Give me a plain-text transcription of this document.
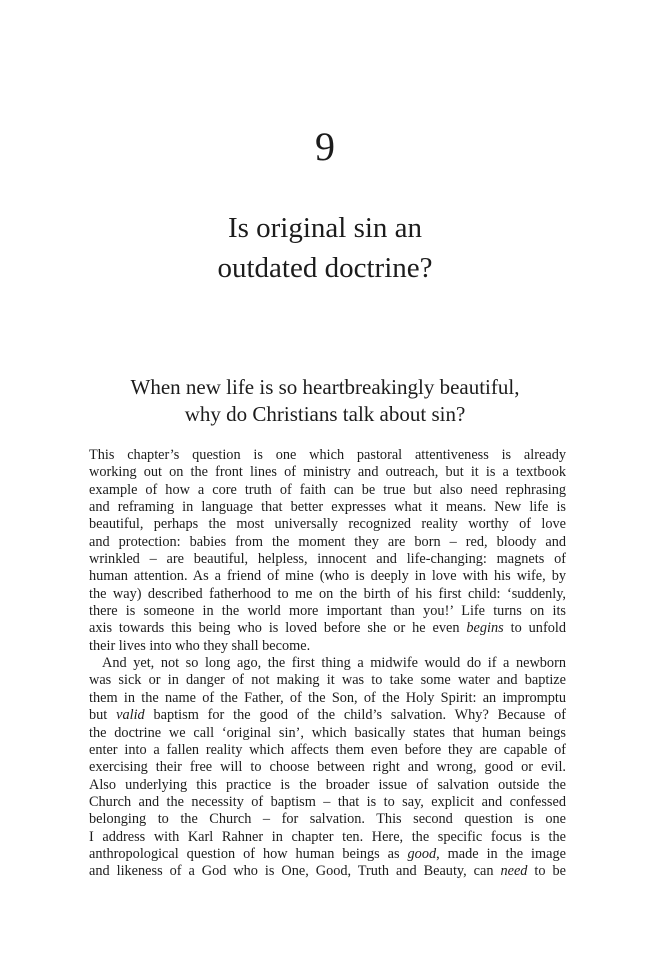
9
Is original sin an
outdated doctrine?
When new life is so heartbreakingly beautiful,
why do Christians talk about sin?
This chapter’s question is one which pastoral attentiveness is already
working out on the front lines of ministry and outreach, but it is a textbook
example of how a core truth of faith can be true but also need rephrasing
and reframing in language that better expresses what it means. New life is
beautiful, perhaps the most universally recognized reality worthy of love
and protection: babies from the moment they are born – red, bloody and
wrinkled – are beautiful, helpless, innocent and life-changing: magnets of
human attention. As a friend of mine (who is deeply in love with his wife, by
the way) described fatherhood to me on the birth of his first child: ‘suddenly,
there is someone in the world more important than you!’ Life turns on its
axis towards this being who is loved before she or he even begins to unfold
their lives into who they shall become.
And yet, not so long ago, the first thing a midwife would do if a newborn
was sick or in danger of not making it was to take some water and baptize
them in the name of the Father, of the Son, of the Holy Spirit: an impromptu
but valid baptism for the good of the child’s salvation. Why? Because of
the doctrine we call ‘original sin’, which basically states that human beings
enter into a fallen reality which affects them even before they are capable of
exercising their free will to choose between right and wrong, good or evil.
Also underlying this practice is the broader issue of salvation outside the
Church and the necessity of baptism – that is to say, explicit and confessed
belonging to the Church – for salvation. This second question is one
I address with Karl Rahner in chapter ten. Here, the specific focus is the
anthropological question of how human beings as good, made in the image
and likeness of a God who is One, Good, Truth and Beauty, can need to be
